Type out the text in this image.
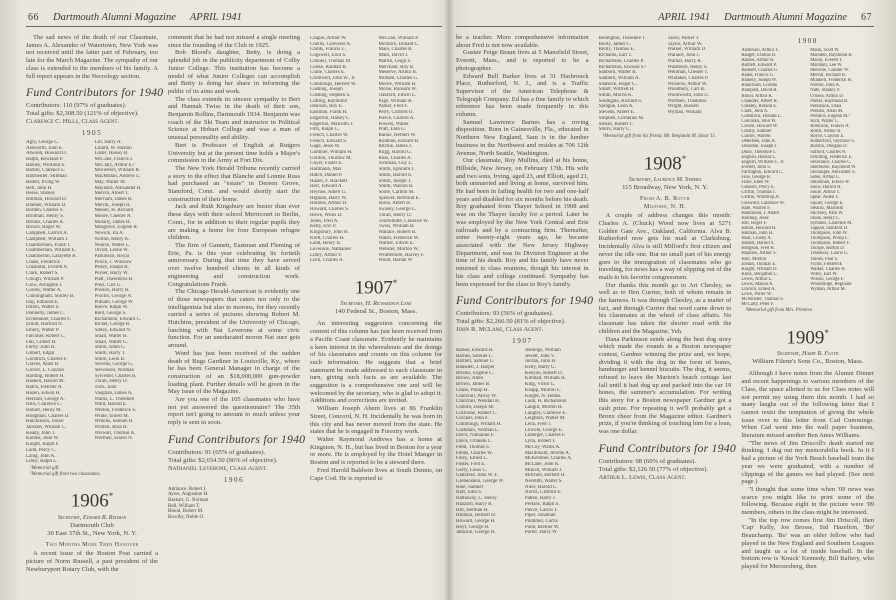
66 Dartmouth Alumni Magazine APRIL 1941

The sad news of the death of our Classmate, James A. Alexander of Watertown, New York was not received until the latter part of February, too late for the March Magazine. The sympathy of our class is extended to the members of his family. A full report appears in the Necrology section.

Fund Contributors for 1940
Contributors: 110 (97% of graduates).
Total gifts: $2,308.50 (121% of objective).
Clarence C. Hills, Class Agent.
1905
Agry, George C.
Ashworth, John E.
Atwood, Howard D.
Balph, Rowland P.
Barney, Winfield S.
Barton, Clarence L.
Batchelder, Stillman
Bedell, Irving W.
Bell, John H.
Besse, Stanley
Billman, Howard D.
Blanner, William D.
Borden, Charles S.
Brintnall, Henry S.
Brooks, Charles A.
Brown, Roger W.
Campbell, Carroll A.
Campbell, William J.
Chamberlain, Frank T.
Chamberlain, William E.
Chamberlin, Lafayette R.
Chase, Frederick
Chisholm, Everett A.
Clark, Robert S.
Clough, William P.
Clow, Arlington I.
Cooley, Walter A.
Cunningham, Shirley B.
Day, Edmund E.
Dillon, Walter S.
Donnelly, James C.
Eichenauer, Charles F.
Elliott, Harford N.
Emery, Walter P.
Falconer, Robert C.
Fall, Gilbert H.
Furby, John H.
Gilbert, Edgar
Goodrich, Charles F.
Graves, Allen B.
Grover, L. Clayton
Harding, Robert H.
Haskell, Harold M.
Hatch, Fletcher A.
Hazen, Edwin H.
Hersum, George A.
Hills, Clarence C.
Hobart, Henry M.
Hodgman, Charles D.
Hutchinson, Jonas¹
Jackson, William C.
Keady, John T.
Knibbs, John W.
Knight, Ralph F.
Ladd, Percy C.
Laing, John A.
Libby, Ralph L.
Lill, Harry A.
Lillard, W. Huston
Loder, Halsey B.
McCabe, Francis J.
McClary, Arthur E.²
McFeeters, William R.
MacMillan, Andrew L.
May, Walter M.
Maynard, Alexander R.
Melvin, Albert T.
Merriam, James R.
Merrill, Joseph H.
Messer, H. Richard
Moore, Chester N.
Mulally, James H.
Musgrove, Eugene R.
Newick, Ira A.
Norton, Henry K.
Nourse, Walter L.
Orcutt, Leslie W.
Parkinson, Royal
Peirce, J. Winslow
Perley, Joseph B.
Peyser, Harry W.
Platt, Theodorus B.
Preis, Carl G.
Preston, Harry B.
Proctor, George N.
Putnam, George W.
Reeve, Ralph W.
Reid, George S.
Richardson, Edward C.
Ricker, George R.
Sibley, Edward N.
Small, Walter B.
Small, Walter G.
Smith, Allen C.
Smith, Harry T.
Smith, Leon B.
Stevens, George G.
Stevenson, Norman
Sylvester, Charles B.
Thrall, Henry D.
Tuck, John
Vaughan, James A.
Wallis, L. Theodore
Ward, Harold E.
Weston, Frederick S.
White, Ernest M.
Wilkins, Samuel H.
Wilmot, Ross H.
Wiswall, Thomas A.
Worthen, Ernest N.
¹Memorial gift.
²Memorial gift from two classmates.
1906*
Secretary, Edward B. Redman
Dartmouth Club
30 East 37th St., New York, N. Y.
Two Months More Then Hanover

A recent issue of the Boston Post carried a picture of Norm Russell, a past president of the Newburyport Rotary Club, with the

comment that he had not missed a single meeting since the founding of the Club in 1925.

Bob Blood's daughter, Betty, is doing a splendid job in the publicity department of Colby Junior College. This institution has become a model of what Junior Colleges can accomplish and Betty is doing her share in informing the public of its aims and work.

The class extends its sincere sympathy to Bert and Hannah Twiss in the death of their son, Benjamin Rollins, Dartmouth 1934. Benjamin was coach of the Ski Team and instructor in Political Science at Hobart College and was a man of unusual personality and ability.

Bert is Professor of English at Rutgers University but at the persent time holds a Major's commission in the Army at Fort Dix.

The New York Herald Tribune recently carried a story to the effect that Blanche and Lonnie Russ had purchased an "estate" in Dereen Grove, Stamford, Conn. and would shortly start the construction of their home.

Jack and Ruth Kingsbury are busier than ever these days with their school Merricourt in Berlin, Conn., for in addition to their regular pupils they are making a home for four European refugee children.

The firm of Gannett, Eastman and Fleming of Erie, Pa. is this year celebrating its fortieth anniversary. During that time they have served over twelve hundred clients in all kinds of engineering and construction work. Congratulations Frank.

The Chicago Herald-American is evidently one of those newspapers that caters not only to the intelligentsia but also to morons, for they recently carried a series of pictures showing Robert M. Hutchins, president of the University of Chicago, lunching with Nat Leverone at some civic function. For an uneducated moron Nat sure gets around.

Word has just been received of the sudden death of Bugs Gardiner in Louisville, Ky., where he has been General Manager in charge of the construction of an $18,000,000 gun-powder loading plant. Further details will be given in the May issue of the Magazine.

Are you one of the 105 classmates who have not yet answered the questionnaire? The 35th report isn't going to amount to much unless your reply is sent in soon.

Fund Contributors for 1940
Contributors: 91 (65% of graduates).
Total gifts: $2,654.50 (96% of objective).
Nathaniel Leverone, Class Agent.
1906
Adriance, Robert I.
Ayres, Augustine H.
Baskart, G. Norman
Bell, William T.
Blood, Robert M.
Bowlby, Noble O.
Chapin, Arthur W.
Chellis, Converse A.
Childs, Francis L.
Cogswell, Eliot S.
Connell, Thomas M.
Cooke, Randall B.
Crane, Charles E.
Cromwell, John W., Jr.
Cummings, Herbert W.
Cushing, Joseph
Cushing, Stephen S.
Cutting, Raymond
Denison, Roy E.
Eastman, Frank H.
Edgerton, Halsey C.
Edgerton, Malcolm J.
Fitts, Ralph C.
French, Charles W.
French, Edward S.
Gage, Jesse W.
Gardiner, William H.
Gordon, Thurlow M.
Guyer, Foster E.
Hartmann, Max
Hatch, Daniel P.
Hazen, F. Brackett
Herr, Edward A.
Heyhoe, Albert G.
Higman, Harry W.
Holmes, Arthur D.
Howard, Charles S.
Howe, Willis D.
Jones, Fred A.
Kelly, Eric P.
Kingsbury, John H.
Kreft, Charles H.
Ladd, Henry B.
Leverone, Nathaniel
Libby, Arthur F.
Luck, Charles A.
McGrail, William P.
McIntire, Donald C.
Main, Charles R.
Main, David J.
Martin, Leigh S.
Merchant, Roy R.
Meserve, Arthur B.
Milham, Charles G.
Moore, William H.
Morse, Ransom W.
Oakford, Edwin L.
Page, William R.
Parker, Fred F.
Perry, Clifford O.
Pierce, Charles A.
Powers, Walter
Pratt, Elon G.
Rainie, Herbert W.
Rodman, Edward B.
Ritchie, James J.
Rugg, Harold G.
Russ, Charles A.
Sickman, Guy L.
Smith, Ephraim J.
Smith, Harold E.
Smith, Joseph T.
Smith, Watson B.
Soule, Carlton M.
Spencer, Bertrand E.
Stone, Albert H.
Swasey, George L.
Thrall, Henry D.
Tourtellotte, Clarence W.
Twiss, William B.
Wallace, Robert B.
Walsh, Frederick W.
Warner, Edwin E.
Webster, Morton W.
Whittemore, Harvey F.
Wood, Harlan W.
1907*
Secretary, H. Richardson Lane
140 Federal St., Boston, Mass.

An interesting suggestion concerning the content of this column has just been received from a Pacific Coast classmate. Evidently he maintains a keen interest in the whereabouts and the doings of his classmates and counts on this column for such information. He suggests that a brief statement be made addressed to each classmate in turn, giving such facts as are available. The suggestion is a comprehensive one and will be welcomed by the secretary, who is glad to adopt it. Additions and corrections are invited.

William Joseph Ahern lives at 86 Franklin Street, Concord, N. H. Incidentally he was born in this city and has never moved from the state. He states that he is engaged in Forestry work.

Walter Raymond Andrews has a home at Kingston, N. H., but has lived in Boston for a year or more. He is employed by the Hotel Manger in Boston and is reported to be a steward there.

Fred Harold Baldwin lives at South Dennis, on Cape Cod. He is reported to

APRIL 1941 Dartmouth Alumni Magazine 67

be a teacher. More comprehensive information about Fred is not now available.

Gustav Feige Braun lives at 5 Mansfield Street, Everett, Mass., and is reported to be a photographer.

Edward Bell Barker lives at 31 Hasbrouck Place, Rutherford, N. J., and is a Traffic Supervisor of the American Telephone & Telegraph Company. Ed has a fine family to which reference has been made frequently in this column.

Samuel Lawrence Barnes has a roving disposition. Born in Gainesville, Fla., educated in Northern New England, Sam is in the lumber business in the Northwest and resides at 706 12th Avenue, North Seattle, Washington.

Our classmate, Roy Mullins, died at his home, Hillside, New Jersey, on February 17th. His wife and two sons, Irving, aged 23, and Elliott, aged 21, both unmarried and living at home, survived him. He had been in failing health for two and one-half years and disabled for six months before his death. Roy graduated from Thayer School in 1908 and was on the Thayer faculty for a period. Later he was employed by the New York Central and Erie railroads and by a contracting firm. Thereafter, some twenty-eight years ago, he became associated with the New Jersey Highway Department, and was its Division Engineer at the time of his death. Roy and his family have never returned to class reunions, though his interest in his class and college continued. Sympathy has been expressed for the class to Roy's family.

Fund Contributors for 1940
Contributors: 93 (56% of graduates).
Total gifts: $2,266.50 (81% of objective).
John R. McLane, Class Agent.
1907
Barker, Edward B.
Barnes, Samuel L.
Bartlett, Samuel C.
Blaisdell, J. Harper
Brooks, Eugene C.
Brown, Allen
Brown, James B.
Chase, Philip H.
Churchill, Parley W.
Churchill, Wendall H.
Coburn, Joseph M.
Cochrane, Robert C.
Crocker, John F.
Cummings, Willard H.
Cushman, Norman L.
Davis, Nathaniel F.
Davis, Orlando C.
Field, Thomas S.
Fields, Charles W.
Foley, Ernest L.
Foster, Fred E.
Gerry, Louis C.
Glatzfeld, John W. F.
Grebenstein, George W.
Hale, Samuel
Hart, John S.
Hathaway, C. Henry
Hazzard, Harry R.
Hill, Herman H.
Hinman, Herbert D.
Howard, George H.
Hoyt, George H.
Jamison, George H.
Jennings, William
Jewett, John V.
Jordan, John H.
Kelly, Harry G.
Kenyon, Robert D.
Kimball, William R.
King, Victor L.
Knapp, Morton C.
Knight, N. Hobbs
Ladd, H. Richardson
Langill, Morton H.
Langley, Clarence E.
Leighton, Walter M.
Lena, Fred T.
Lincoln, George E.
Luberger, Charles F.
Lynn, Robert I.
McCoy, Wallis A.
Macdonald, Jerome A.
McKendree, Charles A.
McLane, John R.
Minich, William J.
Mitchell, Herbert H.
Nesmith, Walter S.
Niles, Harold L.
Norris, Clifford E.
Patten, Harry J.
Perkins, Ralph S.
Pierce, Carlos T.
Piper, Jonathan
Plummer, Curtis
Pond, Bremer W.
Porter, Harry W.
Redington, Theodore T.
Reilly, James C.
Reilly, Thomas E.
Richards, Earl T.
Richardson, Charles P.
Richardson, Elwood S.¹
Sanborn, Walter B.
Sanborn, William A.
Shattuck, Roger C.
Smart, Wilfred H.
Smith, Morris K.
Southgate, Richard S.
Sprague, Leon A.
Stevens, Albert E.
Stilphen, Cornelius M.
Stokes, Robert T.
Storrs, Harry C.
Tabor, Parker T.
Taylor, Arthur W.
Walker, William D.
Wallace, John J.
Warner, Harry R.
Washburn, Henry S.
Wellman, Chester T.
Whitaker, Charles P.
Winslow, Arthur W.
Woodbury, Carl B.
Woodworth, John U.
Worthen, Thaddeus
Wright, Russell
Wyman, William
¹Memorial gift from his friend, Mr. Benjamin M. Stout '11.
1908*
Secretary, Laurence M. Symmes
115 Broadway, New York, N. Y.
From A. B. Rotch
Milford, N. H.

A couple of address changes this month: Charles A. (Chuck) Wood now lives at 5271 Golden Gate Ave., Oakland, California. Alva B. Rutherford now gets his mail at Clarksburg. Incidentally Alva is still Milford's first citizen and never the idle one. But no small part of his energy goes to the immigration of classmates who go traveling, for news has a way of slipping out of the mails to his favorite congressmen.

Our thanks this month go to Art Chesley, as well as to Hen Currier, both of whom remain in the harness. It was through Chesley, as a matter of fact, and through Currier that word came down to his classmates at the wheel of class affairs. No classmate has taken the shorter road with the children and the Magazine. Yeh.

Dana Parkinson sends along the best dog story which made the rounds in a Boston newspaper contest, Gardner winning the prize and, we hope, dividing it with the dog in the form of bones, hamburger and kennel biscuits. The dog, it seems, refused to leave the Marion's beach cottage last fall until it had dug up and packed into the car 19 bones, the summer's accumulation. For writing this story for a Boston newspaper Gardner got a cash prize. For repeating it we'll probably get a Bronx cheer from the Magazine editor. Gardner's prize, if you're thinking of touching him for a loan, was one dollar.

Fund Contributors for 1940
Contributors: 98 (60% of graduates).
Total gifts: $2,126.50 (77% of objective).
Arthur L. Lewis, Class Agent.
1908
Anderson, Arthur T.
Badger, Erastus B.
Barnes, Arthur B.
Bartlett, Edward P.
Bennett, Charles G.
Blake, Francis G.
Blakely, Joseph W.
Blanchard, Gordon
Blanpied, David R.
Blood, Arthur K.
Chandler, Albert R.
Chesley, Roland E.
Clark, John A.
Comstock, Donald L.
Corcoran, John W.
Cowee, Howard W.
Crosby, Sumner
Currier, Warren
Detlefsen, John A.
Donahue, Joseph J.
Dunn, Theodore I.
English, Harold L.
English, William F., Jr.
Everett, John S.
Farrington, Edward C.
Fine, George B.
Fiske, Eben W.
Gleason, Percy E.
Griffin, Thomas J.
Griffin, Winthrop A.
Griswold, Laurence W.
Hale, Warren F.
Hammond, J. Albert
Harding, Jesse
Hill, Roger F.
Hilton, Howard H.
Hinman, John H.
Hoar, Crosby A.
Hobart, Harold S.
Hodgson, Fred H.
Hopkins, Arthur S.
Hull, Morton
Jordan, Thomas E.
Knight, William D.
Knox, Benjamin C.
Lewis, Arthur L.
Lewis, Mason A.
Lincoln, Ernest A.
Lowe, Porter W.
McAllister, Thomas S.
McCarty, Peter F.
Mann, Scott W.
Marsden, Raymond R.
Marsh, Everett T.
Marshall, Lee W.
Melville, Chester W.
Merrill, Richard B.
Munkelt, Frederick H.
Norton, John A.
Nute, Stanley P.
O'Shea, Arthur D.
Parker, Raymond B.
Parkinson, Dana
Perkins, Allan M.
Prentice, Eugene M.¹
Rich, Walter C.
Robinson, Francis A.
Rotch, Arthur B.
Royce, Clayton E.
Rutherford, Seymour S.
Ruxton, Douglas D.
Safford, Charles N.
Schilling, Frederick E.
Severance, Charles C.
Sherburne, Raymond W.
Shoninger, Alexander S.
Sides, Arthur C.
Smallman, Edwin W.
Snow, Harold H.
Soule, Arthur T.
Spear, Alden T.
Squier, George E.
Stearns, Malcolm
Stickney, Park W.
Stone, Henry L.
Symmes, Laurence M.
Tappan, Stanford D.
Thompson, John W.
Thompson, Philip L.
Thompson, Robert F.
Thorpe, Burton D.
Treadway, Lauris G.
Vaines, Paul S.
Victor, Frederick
Walker, Charles H.
Wiley, Earl W.
Wilson, George F.
Wooldridge, Reginald
Wyman, Arthur M.
¹Memorial gift from Mrs. Prentice.
1909*
Secretary, Harry R. Floyd
William Filene's Sons Co., Boston, Mass.

Although I have notes from the Alumni Dinner and recent happenings to various members of the Class, the space allotted to us for Class notes will not permit my using them this month. I had so many laughs out of the following letter that I cannot resist the temptation of giving the whole issue over to this letter from Cad Cummings. When Cad went into the wall paper business, literature missed another Ben Ames Williams.

"The news of Jim Driscoll's death started me thinking. I dug out my memorabilia book. In it I had a picture of the York Beach baseball team the year we were graduated, with a number of clippings of the games we had played. (See next page.)

"I thought that some time when '09 news was scarce you might like to print some of the following. Because eight in the picture were '09 members, others in the class might be interested.

"In the top row comes first Jim Driscoll, then 'Cap' Kelly, Joe Brosse, Sid Hazelton, 'Bo' Beauchamp. 'Bo' was an older fellow who had played in the New England and Southern Leagues and taught us a lot of inside baseball. In the bottom row is 'Knuck' Kennedy, Bill Raftery, who played for Mercersberg, then
